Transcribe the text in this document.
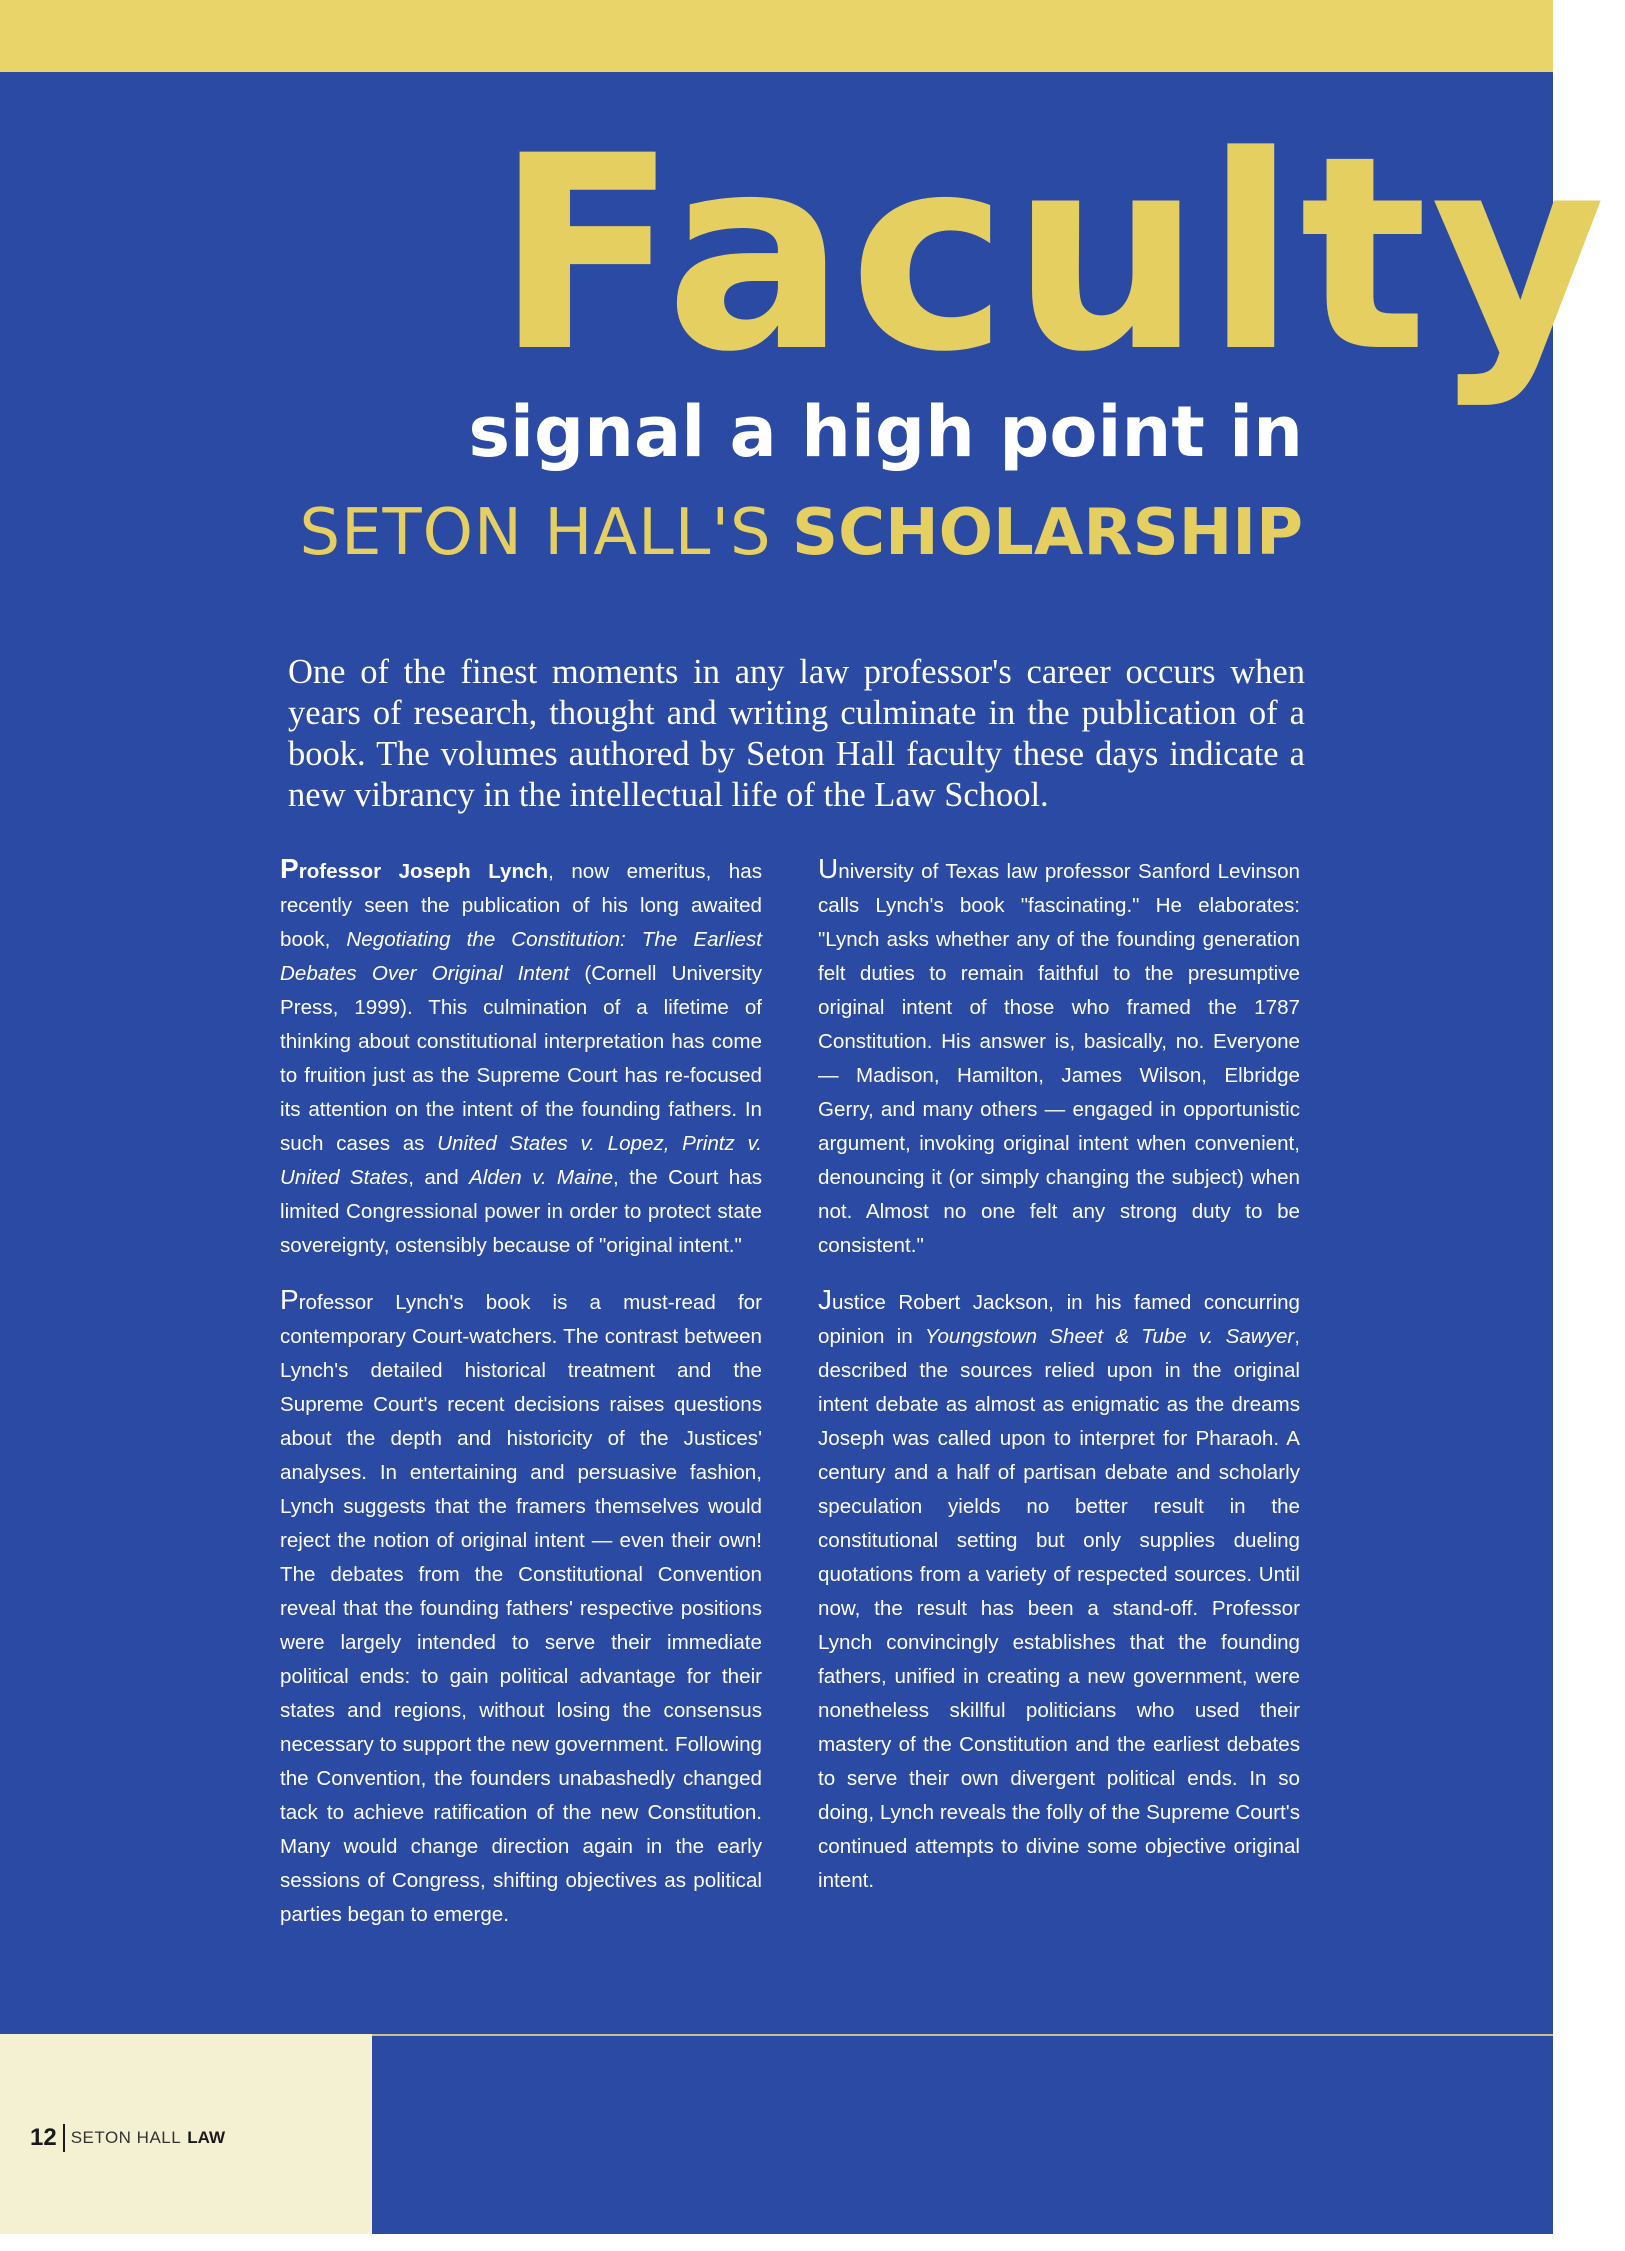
Faculty
signal a high point in
SETON HALL'S SCHOLARSHIP
One of the finest moments in any law professor's career occurs when years of research, thought and writing culminate in the publication of a book. The volumes authored by Seton Hall faculty these days indicate a new vibrancy in the intellectual life of the Law School.

Professor Joseph Lynch, now emeritus, has recently seen the publication of his long awaited book, Negotiating the Constitution: The Earliest Debates Over Original Intent (Cornell University Press, 1999). This culmination of a lifetime of thinking about constitutional interpretation has come to fruition just as the Supreme Court has re-focused its attention on the intent of the founding fathers. In such cases as United States v. Lopez, Printz v. United States, and Alden v. Maine, the Court has limited Congressional power in order to protect state sovereignty, ostensibly because of "original intent."

Professor Lynch's book is a must-read for contemporary Court-watchers. The contrast between Lynch's detailed historical treatment and the Supreme Court's recent decisions raises questions about the depth and historicity of the Justices' analyses. In entertaining and persuasive fashion, Lynch suggests that the framers themselves would reject the notion of original intent — even their own! The debates from the Constitutional Convention reveal that the founding fathers' respective positions were largely intended to serve their immediate political ends: to gain political advantage for their states and regions, without losing the consensus necessary to support the new government. Following the Convention, the founders unabashedly changed tack to achieve ratification of the new Constitution. Many would change direction again in the early sessions of Congress, shifting objectives as political parties began to emerge.

University of Texas law professor Sanford Levinson calls Lynch's book "fascinating." He elaborates: "Lynch asks whether any of the founding generation felt duties to remain faithful to the presumptive original intent of those who framed the 1787 Constitution. His answer is, basically, no. Everyone — Madison, Hamilton, James Wilson, Elbridge Gerry, and many others — engaged in opportunistic argument, invoking original intent when convenient, denouncing it (or simply changing the subject) when not. Almost no one felt any strong duty to be consistent."

Justice Robert Jackson, in his famed concurring opinion in Youngstown Sheet & Tube v. Sawyer, described the sources relied upon in the original intent debate as almost as enigmatic as the dreams Joseph was called upon to interpret for Pharaoh. A century and a half of partisan debate and scholarly speculation yields no better result in the constitutional setting but only supplies dueling quotations from a variety of respected sources. Until now, the result has been a stand-off. Professor Lynch convincingly establishes that the founding fathers, unified in creating a new government, were nonetheless skillful politicians who used their mastery of the Constitution and the earliest debates to serve their own divergent political ends. In so doing, Lynch reveals the folly of the Supreme Court's continued attempts to divine some objective original intent.

12 SETON HALL LAW
